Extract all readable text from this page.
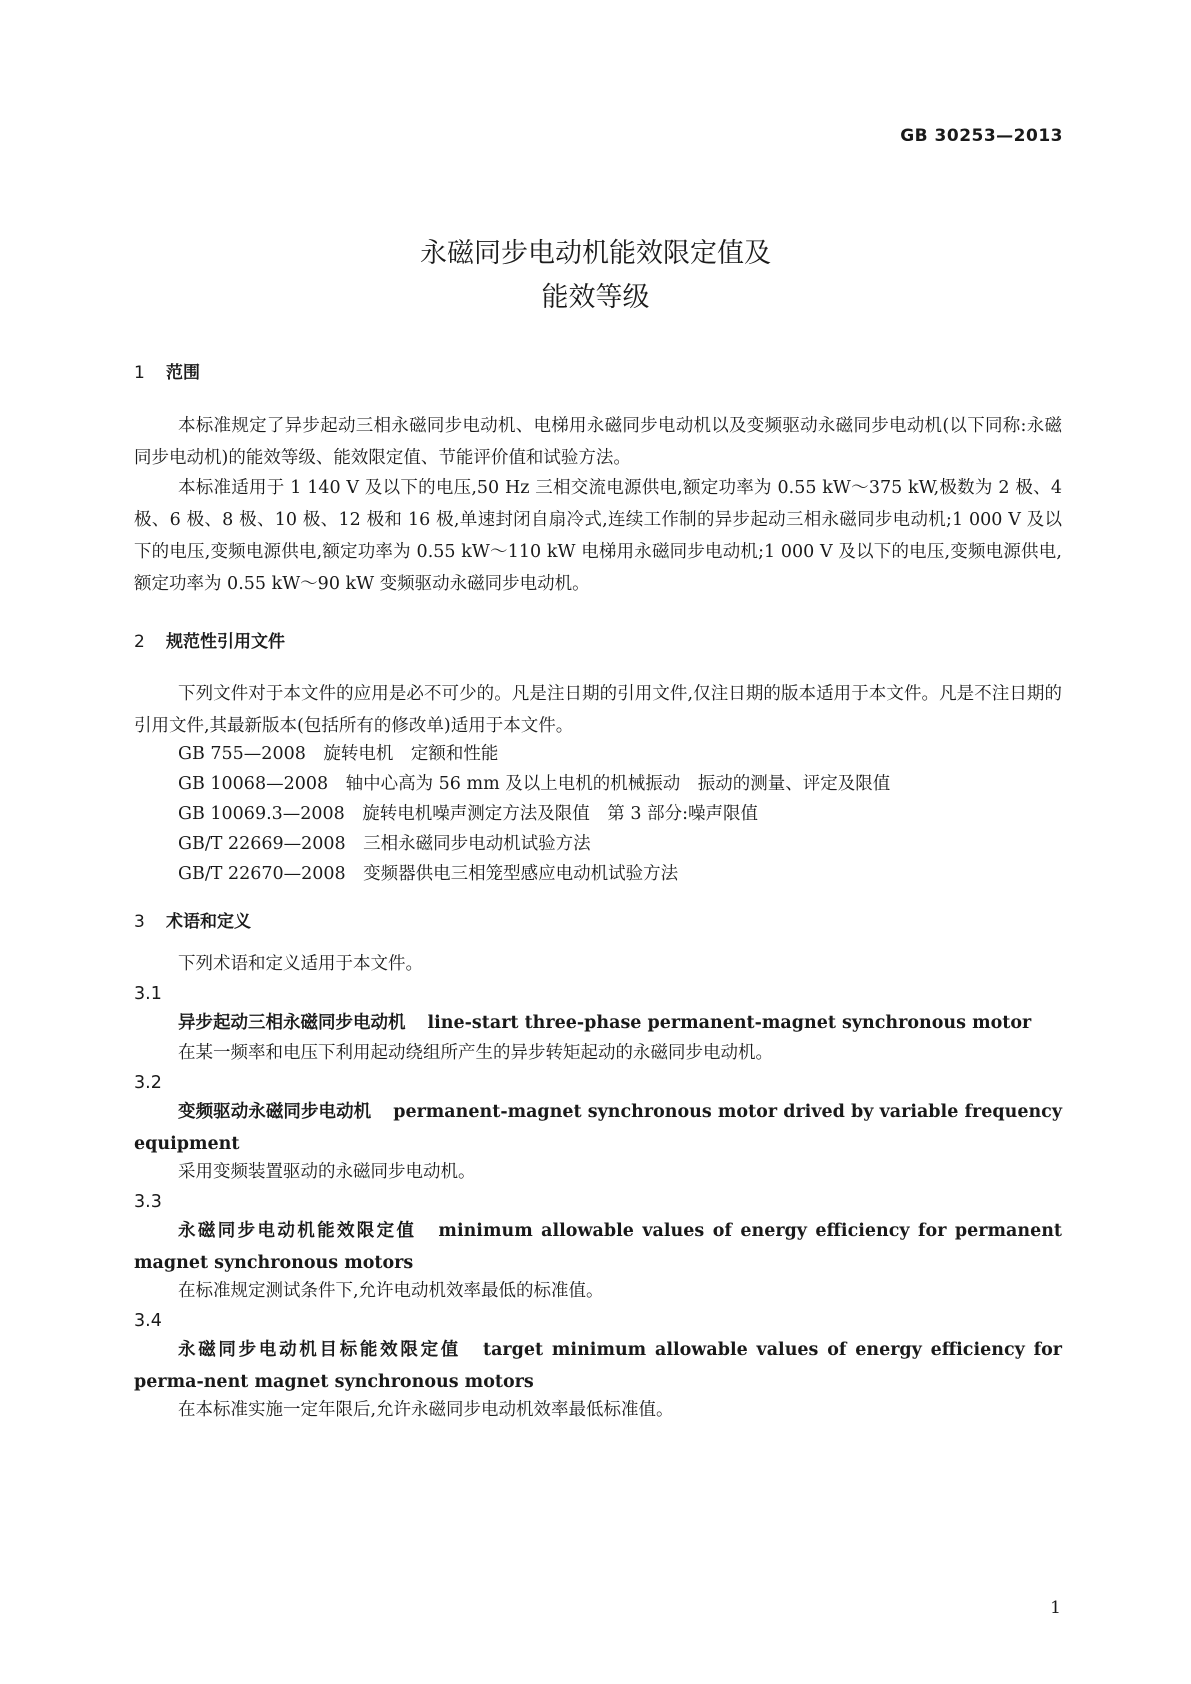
GB 30253—2013
永磁同步电动机能效限定值及
能效等级
1 范围
本标准规定了异步起动三相永磁同步电动机、电梯用永磁同步电动机以及变频驱动永磁同步电动机(以下同称:永磁同步电动机)的能效等级、能效限定值、节能评价值和试验方法。
本标准适用于 1 140 V 及以下的电压,50 Hz 三相交流电源供电,额定功率为 0.55 kW～375 kW,极数为 2 极、4 极、6 极、8 极、10 极、12 极和 16 极,单速封闭自扇冷式,连续工作制的异步起动三相永磁同步电动机;1 000 V 及以下的电压,变频电源供电,额定功率为 0.55 kW～110 kW 电梯用永磁同步电动机;1 000 V 及以下的电压,变频电源供电,额定功率为 0.55 kW～90 kW 变频驱动永磁同步电动机。
2 规范性引用文件
下列文件对于本文件的应用是必不可少的。凡是注日期的引用文件,仅注日期的版本适用于本文件。凡是不注日期的引用文件,其最新版本(包括所有的修改单)适用于本文件。
GB 755—2008　旋转电机　定额和性能
GB 10068—2008　轴中心高为 56 mm 及以上电机的机械振动　振动的测量、评定及限值
GB 10069.3—2008　旋转电机噪声测定方法及限值　第 3 部分:噪声限值
GB/T 22669—2008　三相永磁同步电动机试验方法
GB/T 22670—2008　变频器供电三相笼型感应电动机试验方法
3 术语和定义
下列术语和定义适用于本文件。
3.1
异步起动三相永磁同步电动机 line-start three-phase permanent-magnet synchronous motor
在某一频率和电压下利用起动绕组所产生的异步转矩起动的永磁同步电动机。
3.2
变频驱动永磁同步电动机 permanent-magnet synchronous motor drived by variable frequency equipment
采用变频装置驱动的永磁同步电动机。
3.3
永磁同步电动机能效限定值 minimum allowable values of energy efficiency for permanent magnet synchronous motors
在标准规定测试条件下,允许电动机效率最低的标准值。
3.4
永磁同步电动机目标能效限定值 target minimum allowable values of energy efficiency for perma-nent magnet synchronous motors
在本标准实施一定年限后,允许永磁同步电动机效率最低标准值。
1
